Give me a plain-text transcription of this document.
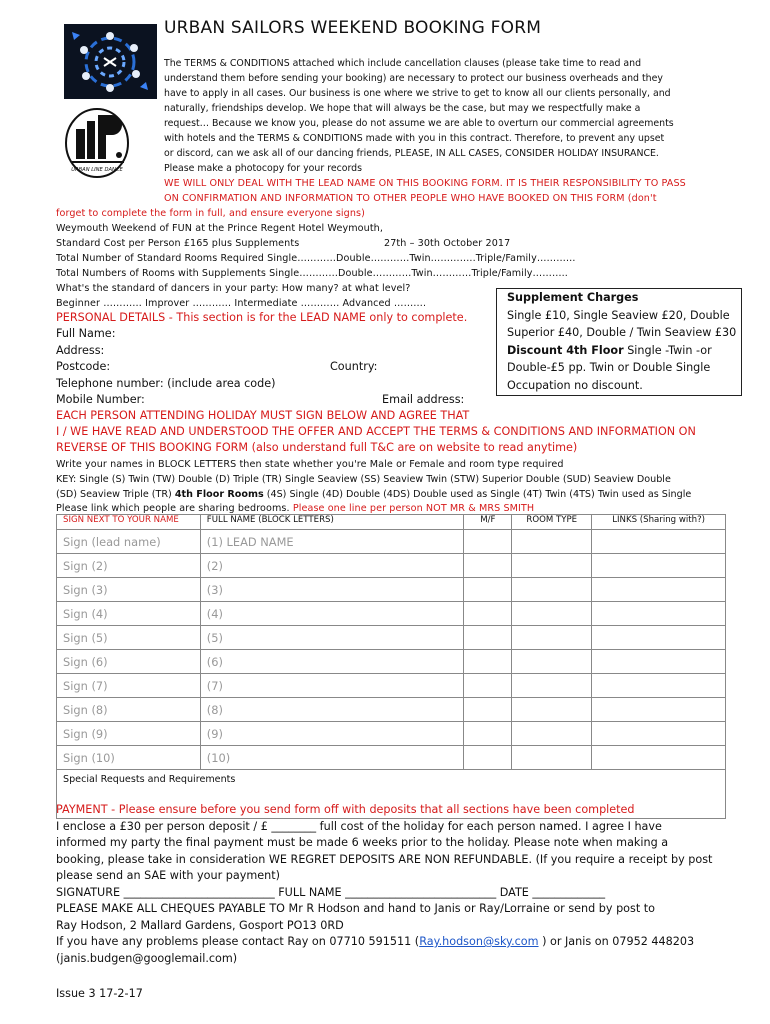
URBAN LINE DANCE
URBAN SAILORS WEEKEND BOOKING FORM

The TERMS & CONDITIONS attached which include cancellation clauses (please take time to read and

understand them before sending your booking) are necessary to protect our business overheads and they

have to apply in all cases. Our business is one where we strive to get to know all our clients personally, and

naturally, friendships develop. We hope that will always be the case, but may we respectfully make a

request… Because we know you, please do not assume we are able to overturn our commercial agreements

with hotels and the TERMS & CONDITIONS made with you in this contract. Therefore, to prevent any upset

or discord, can we ask all of our dancing friends, PLEASE, IN ALL CASES, CONSIDER HOLIDAY INSURANCE.

Please make a photocopy for your records

WE WILL ONLY DEAL WITH THE LEAD NAME ON THIS BOOKING FORM. IT IS THEIR RESPONSIBILITY TO PASS
ON CONFIRMATION AND INFORMATION TO OTHER PEOPLE WHO HAVE BOOKED ON THIS FORM (don't
forget to complete the form in full, and ensure everyone signs)
Weymouth Weekend of FUN at the Prince Regent Hotel Weymouth,
Standard Cost per Person £165 plus Supplements	27th – 30th October 2017
Total Number of Standard Rooms Required Single…………Double…………Twin…………..Triple/Family…………
Total Numbers of Rooms with Supplements Single…………Double…………Twin…………Triple/Family………..
What's the standard of dancers in your party: How many? at what level?
Beginner ………… Improver ………… Intermediate ………… Advanced ……….	Supplement Charges
Single £10, Single Seaview £20, Double
Superior £40, Double / Twin Seaview £30
Discount 4th Floor Single -Twin -or
Double-£5 pp. Twin or Double Single
Occupation no discount.
PERSONAL DETAILS - This section is for the LEAD NAME only to complete.
Full Name:
Address:
Postcode:	Country:
Telephone number: (include area code)
Mobile Number:	Email address:
EACH PERSON ATTENDING HOLIDAY MUST SIGN BELOW AND AGREE THAT
I / WE HAVE READ AND UNDERSTOOD THE OFFER AND ACCEPT THE TERMS & CONDITIONS AND INFORMATION ON
REVERSE OF THIS BOOKING FORM (also understand full T&C are on website to read anytime)
Write your names in BLOCK LETTERS then state whether you're Male or Female and room type required
KEY: Single (S) Twin (TW) Double (D) Triple (TR) Single Seaview (SS) Seaview Twin (STW) Superior Double (SUD) Seaview Double
(SD) Seaview Triple (TR) 4th Floor Rooms (4S) Single (4D) Double (4DS) Double used as Single (4T) Twin (4TS) Twin used as Single
Please link which people are sharing bedrooms. Please one line per person NOT MR & MRS SMITH
SIGN NEXT TO YOUR NAME	FULL NAME (BLOCK LETTERS)	M/F	ROOM TYPE	LINKS (Sharing with?)
Sign (lead name)	(1) LEAD NAME			
Sign (2)	(2)			
Sign (3)	(3)			
Sign (4)	(4)			
Sign (5)	(5)			
Sign (6)	(6)			
Sign (7)	(7)			
Sign (8)	(8)			
Sign (9)	(9)			
Sign (10)	(10)			
Special Requests and Requirements				
PAYMENT - Please ensure before you send form off with deposits that all sections have been completed
I enclose a £30 per person deposit / £ ________ full cost of the holiday for each person named. I agree I have
informed my party the final payment must be made 6 weeks prior to the holiday. Please note when making a
booking, please take in consideration WE REGRET DEPOSITS ARE NON REFUNDABLE. (If you require a receipt by post
please send an SAE with your payment)
SIGNATURE ___________________________ FULL NAME ___________________________ DATE _____________
PLEASE MAKE ALL CHEQUES PAYABLE TO Mr R Hodson and hand to Janis or Ray/Lorraine or send by post to
Ray Hodson, 2 Mallard Gardens, Gosport PO13 0RD
If you have any problems please contact Ray on 07710 591511 (Ray.hodson@sky.com ) or Janis on 07952 448203
(janis.budgen@googlemail.com)
Issue 3 17-2-17
